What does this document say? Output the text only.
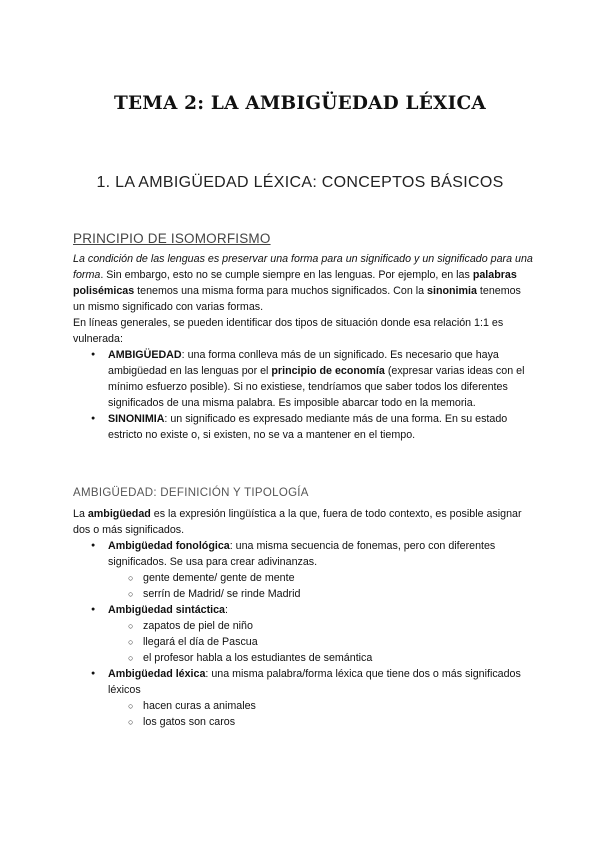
TEMA 2: LA AMBIGÜEDAD LÉXICA
1. LA AMBIGÜEDAD LÉXICA: CONCEPTOS BÁSICOS
PRINCIPIO DE ISOMORFISMO

La condición de las lenguas es preservar una forma para un significado y un significado para una forma. Sin embargo, esto no se cumple siempre en las lenguas. Por ejemplo, en las palabras polisémicas tenemos una misma forma para muchos significados. Con la sinonimia tenemos un mismo significado con varias formas.

En líneas generales, se pueden identificar dos tipos de situación donde esa relación 1:1 es vulnerada:

● AMBIGÜEDAD: una forma conlleva más de un significado. Es necesario que haya ambigüedad en las lenguas por el principio de economía (expresar varias ideas con el mínimo esfuerzo posible). Si no existiese, tendríamos que saber todos los diferentes significados de una misma palabra. Es imposible abarcar todo en la memoria.
● SINONIMIA: un significado es expresado mediante más de una forma. En su estado estricto no existe o, si existen, no se va a mantener en el tiempo.
AMBIGÜEDAD: DEFINICIÓN Y TIPOLOGÍA

La ambigüedad es la expresión lingüística a la que, fuera de todo contexto, es posible asignar dos o más significados.

● Ambigüedad fonológica: una misma secuencia de fonemas, pero con diferentes significados. Se usa para crear adivinanzas.
○ gente demente/ gente de mente
○ serrín de Madrid/ se rinde Madrid
● Ambigüedad sintáctica:
○ zapatos de piel de niño
○ llegará el día de Pascua
○ el profesor habla a los estudiantes de semántica
● Ambigüedad léxica: una misma palabra/forma léxica que tiene dos o más significados léxicos
○ hacen curas a animales
○ los gatos son caros
